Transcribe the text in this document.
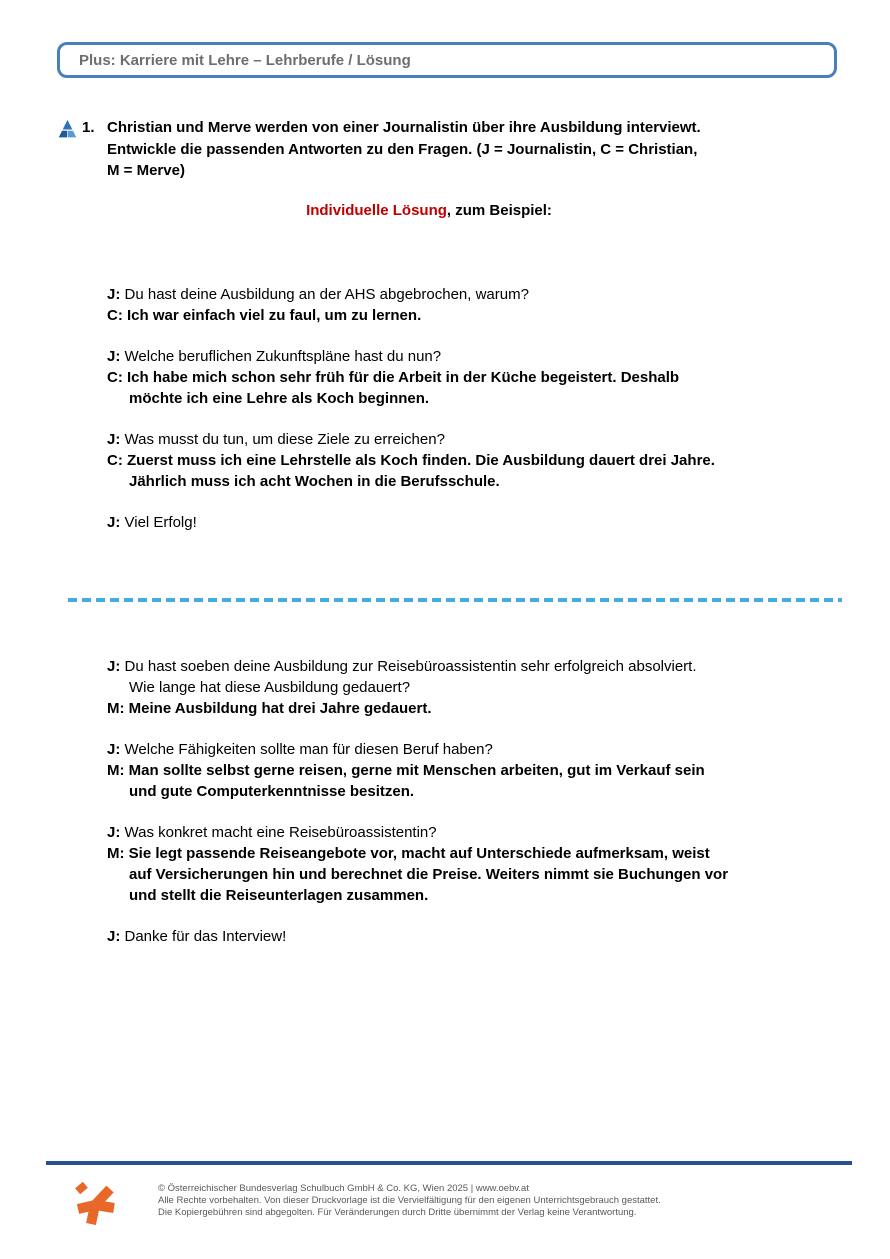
Plus: Karriere mit Lehre – Lehrberufe / Lösung
1. Christian und Merve werden von einer Journalistin über ihre Ausbildung interviewt.
Entwickle die passenden Antworten zu den Fragen. (J = Journalistin, C = Christian,
M = Merve)
Individuelle Lösung, zum Beispiel:
J: Du hast deine Ausbildung an der AHS abgebrochen, warum?
C: Ich war einfach viel zu faul, um zu lernen.
J: Welche beruflichen Zukunftspläne hast du nun?
C: Ich habe mich schon sehr früh für die Arbeit in der Küche begeistert. Deshalb
möchte ich eine Lehre als Koch beginnen.
J: Was musst du tun, um diese Ziele zu erreichen?
C: Zuerst muss ich eine Lehrstelle als Koch finden. Die Ausbildung dauert drei Jahre.
Jährlich muss ich acht Wochen in die Berufsschule.
J: Viel Erfolg!
J: Du hast soeben deine Ausbildung zur Reisebüroassistentin sehr erfolgreich absolviert.
Wie lange hat diese Ausbildung gedauert?
M: Meine Ausbildung hat drei Jahre gedauert.
J: Welche Fähigkeiten sollte man für diesen Beruf haben?
M: Man sollte selbst gerne reisen, gerne mit Menschen arbeiten, gut im Verkauf sein
und gute Computerkenntnisse besitzen.
J: Was konkret macht eine Reisebüroassistentin?
M: Sie legt passende Reiseangebote vor, macht auf Unterschiede aufmerksam, weist
auf Versicherungen hin und berechnet die Preise. Weiters nimmt sie Buchungen vor
und stellt die Reiseunterlagen zusammen.
J: Danke für das Interview!
© Österreichischer Bundesverlag Schulbuch GmbH & Co. KG, Wien 2025 | www.oebv.at
Alle Rechte vorbehalten. Von dieser Druckvorlage ist die Vervielfältigung für den eigenen Unterrichtsgebrauch gestattet.
Die Kopiergebühren sind abgegolten. Für Veränderungen durch Dritte übernimmt der Verlag keine Verantwortung.
